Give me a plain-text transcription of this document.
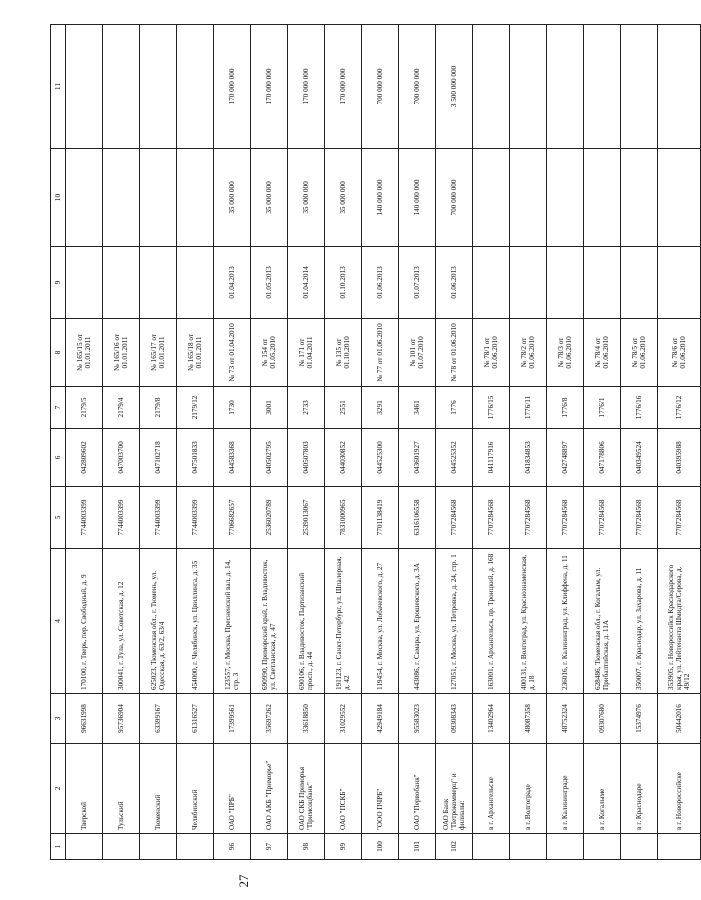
27
1	2	3	4	5	6	7	8	9	10	11
	Тверской	96631998	170100, г. Тверь, пер. Свободный, д. 9	7744003399	042809602	2179/5	№ 165/15 от 01.01.2011			
	Тульский	95736904	300041, г. Тула, ул. Советская, д. 12	7744003399	047003700	2179/4	№ 165/16 от 01.01.2011			
	Тюменский	63399167	625023, Тюменская обл., г. Тюмень, ул. Одесская, д. 63/2, 63/4	7744003399	047102718	2179/8	№ 165/17 от 01.01.2011			
	Челябинский	61316527	454000, г. Челябинск, ул. Цвиллинга, д. 35	7744003399	047501833	2179/12	№ 165/18 от 01.01.2011			
96	ОАО "ПРБ"	17399561	123557, г. Москва, Пресненский вал, д. 14, стр. 3	7706682657	044583368	1730	№ 73 от 01.04.2010	01.04.2013	35 000 000	170 000 000
97	ОАО АКБ "Приморье"	35697262	690990, Приморский край, г. Владивосток, ул. Светланская, д. 47	2536020789	040502795	3001	№ 154 от 01.05.2010	01.05.2013	35 000 000	170 000 000
98	ОАО СКБ Приморья "Примсоцбанк"	33618850	690106, г. Владивосток, Партизанский просп., д. 44	2539013067	040507803	2733	№ 171 от 01.04.2011	01.04.2014	35 000 000	170 000 000
99	ОАО "ПСКБ"	31029552	191123, г. Санкт-Петербург, ул. Шпалерная, д. 42	7831000965	044030852	2551	№ 135 от 01.10.2010	01.10.2013	35 000 000	170 000 000
100	"ООО ПЧРБ"	42949184	119454, г. Москва, ул. Лобачевского, д. 27	7701138419	044525300	3291	№ 77 от 01.06.2010	01.06.2013	140 000 000	700 000 000
101	ОАО "Первобанк"	95583023	443086, г. Самара, ул. Ерошевского, д. 3А	6316106558	043601927	3461	№ 101 от 01.07.2010	01.07.2013	140 000 000	700 000 000
102	ОАО Банк "Петрокоммерц" и филиалы:	09308343	127051, г. Москва, ул. Петровка, д. 24, стр. 1	7707284568	044525352	1776	№ 78 от 01.06.2010	01.06.2013	700 000 000	3 500 000 000
	в г. Архангельске	13402964	163001, г. Архангельск, пр. Троицкий, д. 168	7707284568	041117916	1776/15	№ 78/1 от 01.06.2010			
	в г. Волгограде	48087358	400131, г. Волгоград, ул. Краснознаменская, д. 18	7707284568	041834853	1776/11	№ 78/2 от 01.06.2010			
	в г. Калининграде	48752324	236016, г. Калининград, ул. Клиффена, д. 11	7707284568	042748897	1776/8	№ 78/3 от 01.06.2010			
	в г. Когалыме	09307680	628486, Тюменская обл., г. Когалым, ул. Прибалтийская, д. 11А	7707284568	047178806	1776/1	№ 78/4 от 01.06.2010			
	в г. Краснодаре	15374976	350007, г. Краснодар, ул. Захарова, д. 11	7707284568	040349524	1776/16	№ 78/5 от 01.06.2010			
	в г. Новороссийске	50442016	353905, г. Новороссийск Краснодарского края, ул. Лейтенанта Шмидта/Серова, д. 49/12	7707284568	040395988	1776/12	№ 78/6 от 01.06.2010			
